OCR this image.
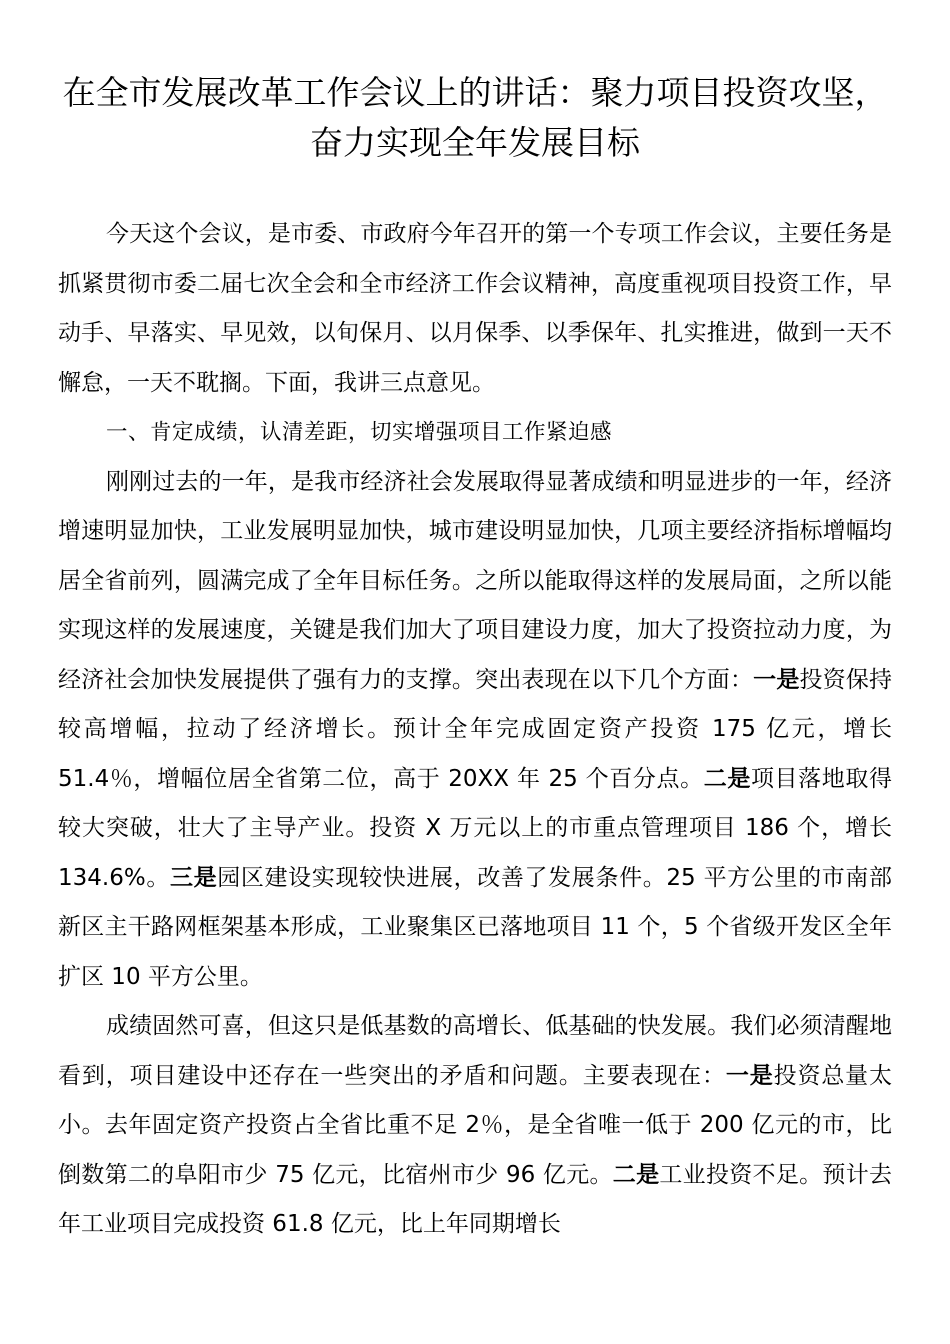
在全市发展改革工作会议上的讲话：聚力项目投资攻坚，奋力实现全年发展目标

今天这个会议，是市委、市政府今年召开的第一个专项工作会议，主要任务是抓紧贯彻市委二届七次全会和全市经济工作会议精神，高度重视项目投资工作，早动手、早落实、早见效，以旬保月、以月保季、以季保年、扎实推进，做到一天不懈怠，一天不耽搁。下面，我讲三点意见。

一、肯定成绩，认清差距，切实增强项目工作紧迫感

刚刚过去的一年，是我市经济社会发展取得显著成绩和明显进步的一年，经济增速明显加快，工业发展明显加快，城市建设明显加快，几项主要经济指标增幅均居全省前列，圆满完成了全年目标任务。之所以能取得这样的发展局面，之所以能实现这样的发展速度，关键是我们加大了项目建设力度，加大了投资拉动力度，为经济社会加快发展提供了强有力的支撑。突出表现在以下几个方面：一是投资保持较高增幅，拉动了经济增长。预计全年完成固定资产投资 175 亿元，增长 51.4％，增幅位居全省第二位，高于 20XX 年 25 个百分点。二是项目落地取得较大突破，壮大了主导产业。投资 X 万元以上的市重点管理项目 186 个，增长 134.6%。三是园区建设实现较快进展，改善了发展条件。25 平方公里的市南部新区主干路网框架基本形成，工业聚集区已落地项目 11 个，5 个省级开发区全年扩区 10 平方公里。

成绩固然可喜，但这只是低基数的高增长、低基础的快发展。我们必须清醒地看到，项目建设中还存在一些突出的矛盾和问题。主要表现在：一是投资总量太小。去年固定资产投资占全省比重不足 2％，是全省唯一低于 200 亿元的市，比倒数第二的阜阳市少 75 亿元，比宿州市少 96 亿元。二是工业投资不足。预计去年工业项目完成投资 61.8 亿元，比上年同期增长
